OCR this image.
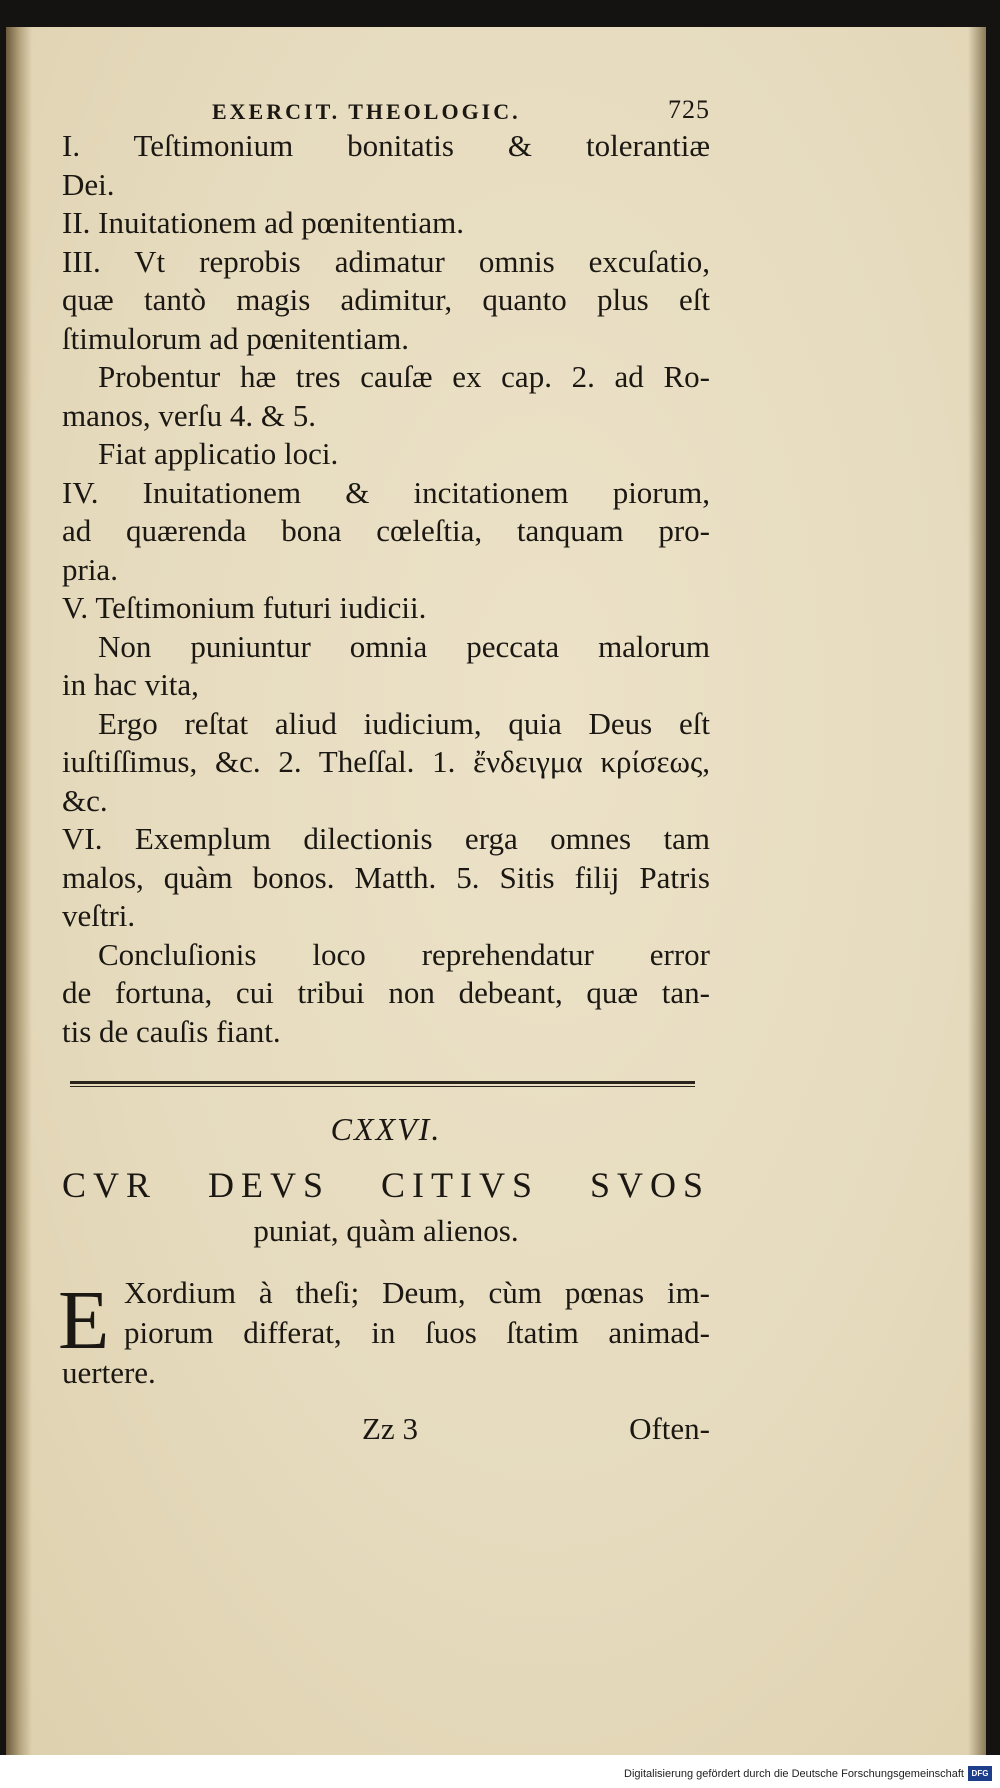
EXERCIT. THEOLOGIC.	725
I. Teſtimonium bonitatis & tolerantiæ
Dei.
II. Inuitationem ad pœnitentiam.
III. Vt reprobis adimatur omnis excuſatio,
quæ tantò magis adimitur, quanto plus eſt
ſtimulorum ad pœnitentiam.
Probentur hæ tres cauſæ ex cap. 2. ad Ro-
manos, verſu 4. & 5.
Fiat applicatio loci.
IV. Inuitationem & incitationem piorum,
ad quærenda bona cœleſtia, tanquam pro-
pria.
V. Teſtimonium futuri iudicii.
Non puniuntur omnia peccata malorum
in hac vita,
Ergo reſtat aliud iudicium, quia Deus eſt
iuſtiſſimus, &c. 2. Theſſal. 1. ἔνδειγμα κρίσεως,
&c.
VI. Exemplum dilectionis erga omnes tam
malos, quàm bonos. Matth. 5. Sitis filij Patris
veſtri.
Concluſionis loco reprehendatur error
de fortuna, cui tribui non debeant, quæ tan-
tis de cauſis fiant.
CXXVI.
CVR DEVS CITIVS SVOS
puniat, quàm alienos.
E Xordium à theſi; Deum, cùm pœnas im-
piorum differat, in ſuos ſtatim animad-
uertere.
Zz 3	Often-
Digitalisierung gefördert durch die Deutsche Forschungsgemeinschaft DFG
